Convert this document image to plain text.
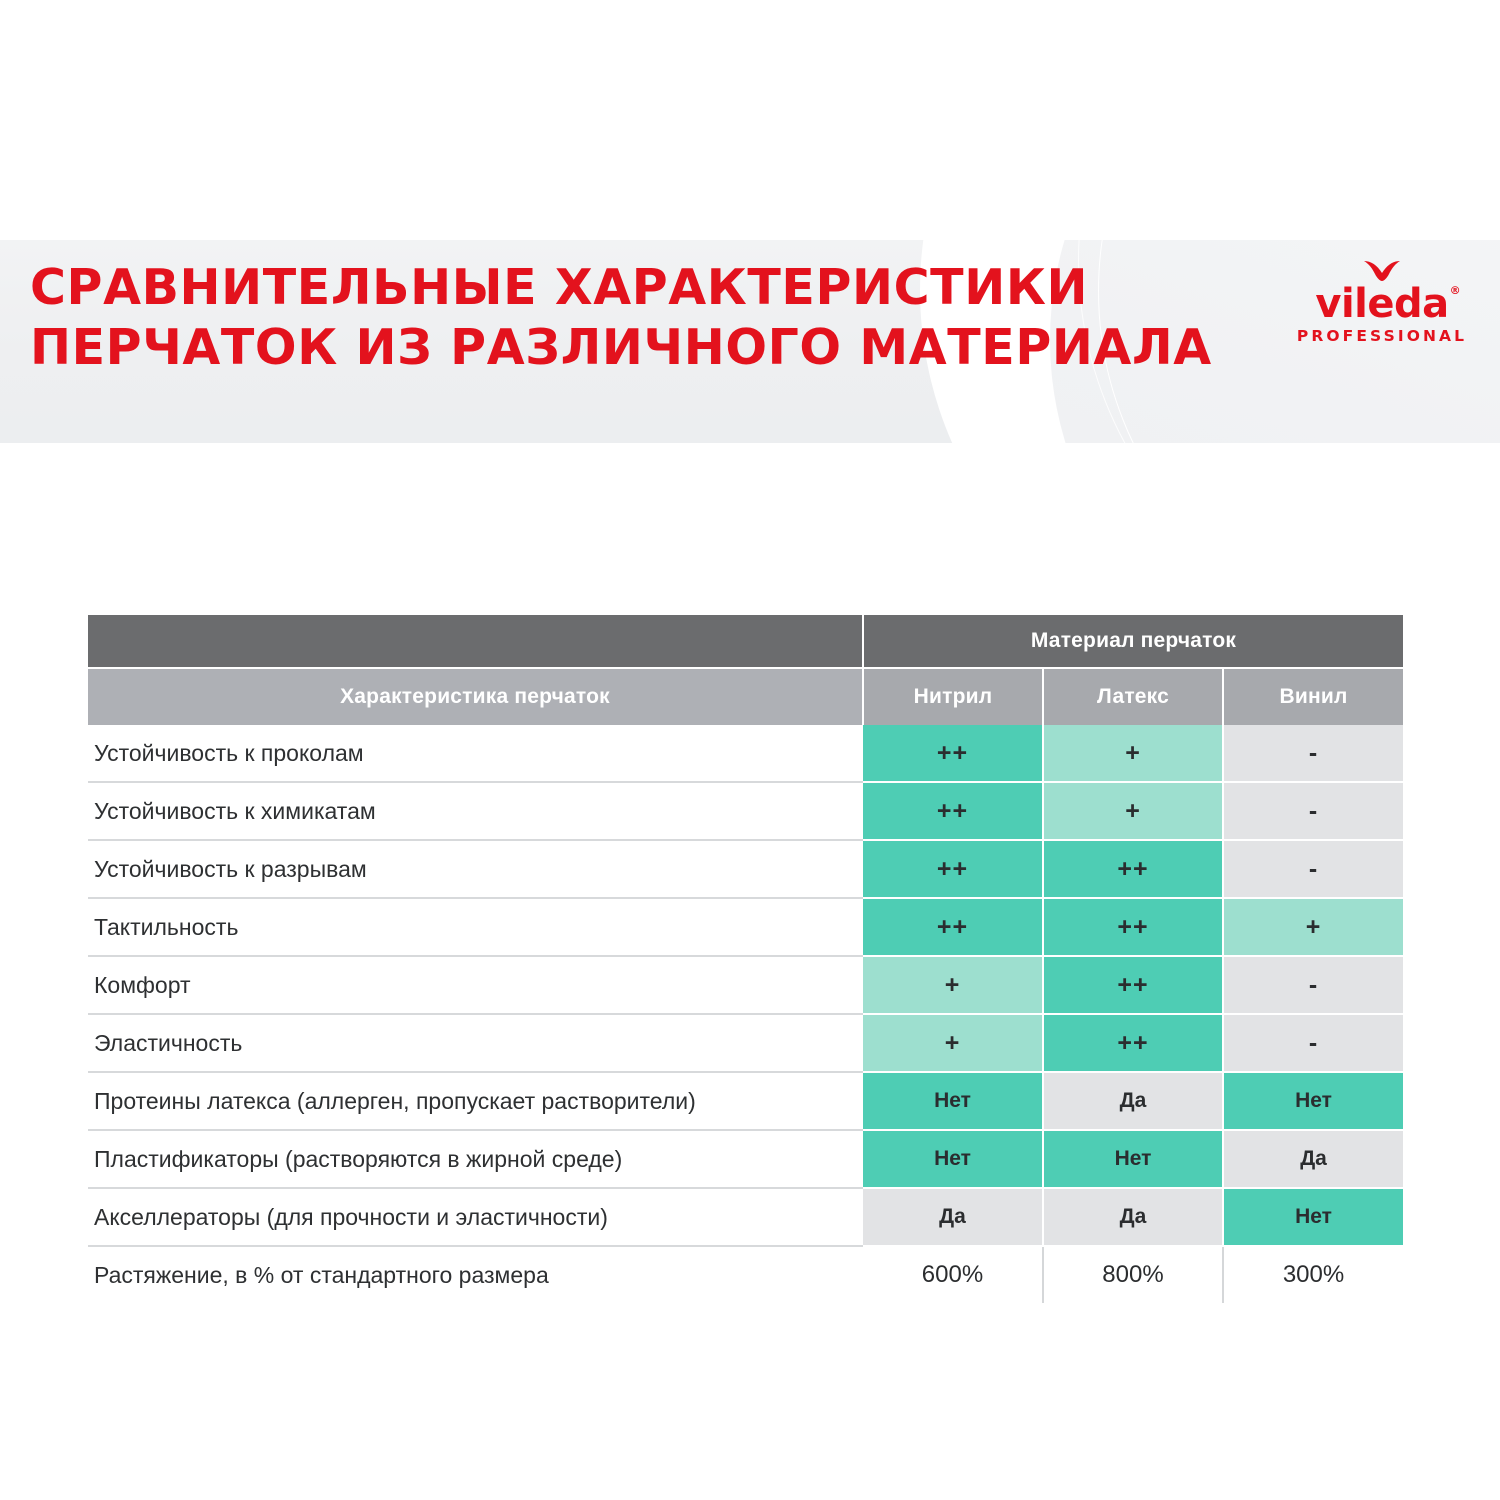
СРАВНИТЕЛЬНЫЕ ХАРАКТЕРИСТИКИ
ПЕРЧАТОК ИЗ РАЗЛИЧНОГО МАТЕРИАЛА
vileda ®
PROFESSIONAL
	Материал перчаток		
Характеристика перчаток	Нитрил	Латекс	Винил
Устойчивость к проколам	++	+	-
Устойчивость к химикатам	++	+	-
Устойчивость к разрывам	++	++	-
Тактильность	++	++	+
Комфорт	+	++	-
Эластичность	+	++	-
Протеины латекса (аллерген, пропускает растворители)	Нет	Да	Нет
Пластификаторы (растворяются в жирной среде)	Нет	Нет	Да
Акселлераторы (для прочности и эластичности)	Да	Да	Нет
Растяжение, в % от стандартного размера	600%	800%	300%
